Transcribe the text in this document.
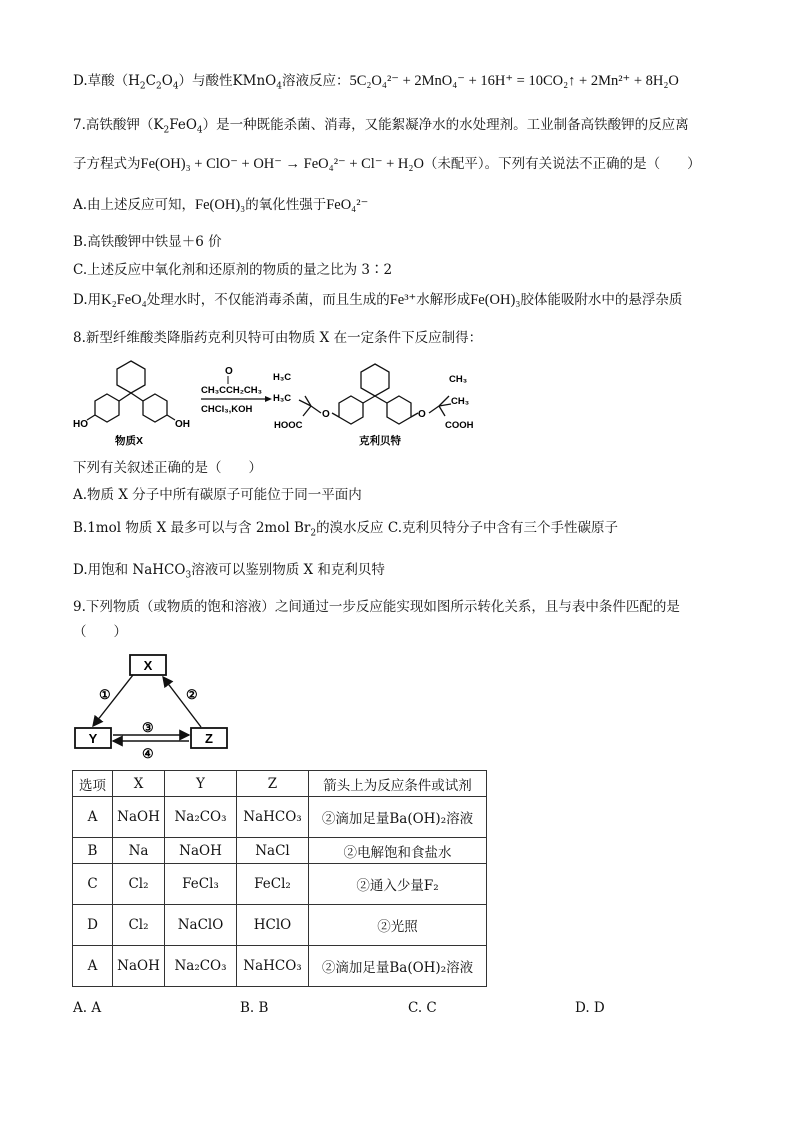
D.草酸$(H_2C_2O_4)$与酸性KMnO$_4$溶液反应：5C₂O₄²⁻ + 2MnO₄⁻ + 16H⁺ = 10CO₂↑ + 2Mn²⁺ + 8H₂O
7.高铁酸钾$(K_2FeO_4)$是一种既能杀菌、消毒，又能絮凝净水的水处理剂。工业制备高铁酸钾的反应离
子方程式为Fe(OH)₃ + ClO⁻ + OH⁻ → FeO₄²⁻ + Cl⁻ + H₂O（未配平）。下列有关说法不正确的是（　　）
A.由上述反应可知，Fe(OH)₃的氧化性强于FeO₄²⁻
B.高铁酸钾中铁显＋6 价
C.上述反应中氧化剂和还原剂的物质的量之比为 3∶2
D.用K₂FeO₄处理水时，不仅能消毒杀菌，而且生成的Fe³⁺水解形成Fe(OH)₃胶体能吸附水中的悬浮杂质
8.新型纤维酸类降脂药克利贝特可由物质 X 在一定条件下反应制得：
HO	OH
物质X
O
CH₃CCH₂CH₃
CHCl₃,KOH	O	O
H₃C
H₃C
HOOC
CH₃
CH₃
COOH
克利贝特
下列有关叙述正确的是（　　）
A.物质 X 分子中所有碳原子可能位于同一平面内
B.1mol 物质 X 最多可以与含 2mol $Br_2$的溴水反应 C.克利贝特分子中含有三个手性碳原子
D.用饱和 NaHCO$_3$溶液可以鉴别物质 X 和克利贝特
9.下列物质（或物质的饱和溶液）之间通过一步反应能实现如图所示转化关系，且与表中条件匹配的是
（　　）
X
Y	Z
①	②
③
④
选项	X	Y	Z	箭头上为反应条件或试剂
A	NaOH	Na₂CO₃	NaHCO₃	②滴加足量Ba(OH)₂溶液
B	Na	NaOH	NaCl	②电解饱和食盐水
C	Cl₂	FeCl₃	FeCl₂	②通入少量F₂
D	Cl₂	NaClO	HClO	②光照
A	NaOH	Na₂CO₃	NaHCO₃	②滴加足量Ba(OH)₂溶液
A. A	B. B	C. C	D. D
